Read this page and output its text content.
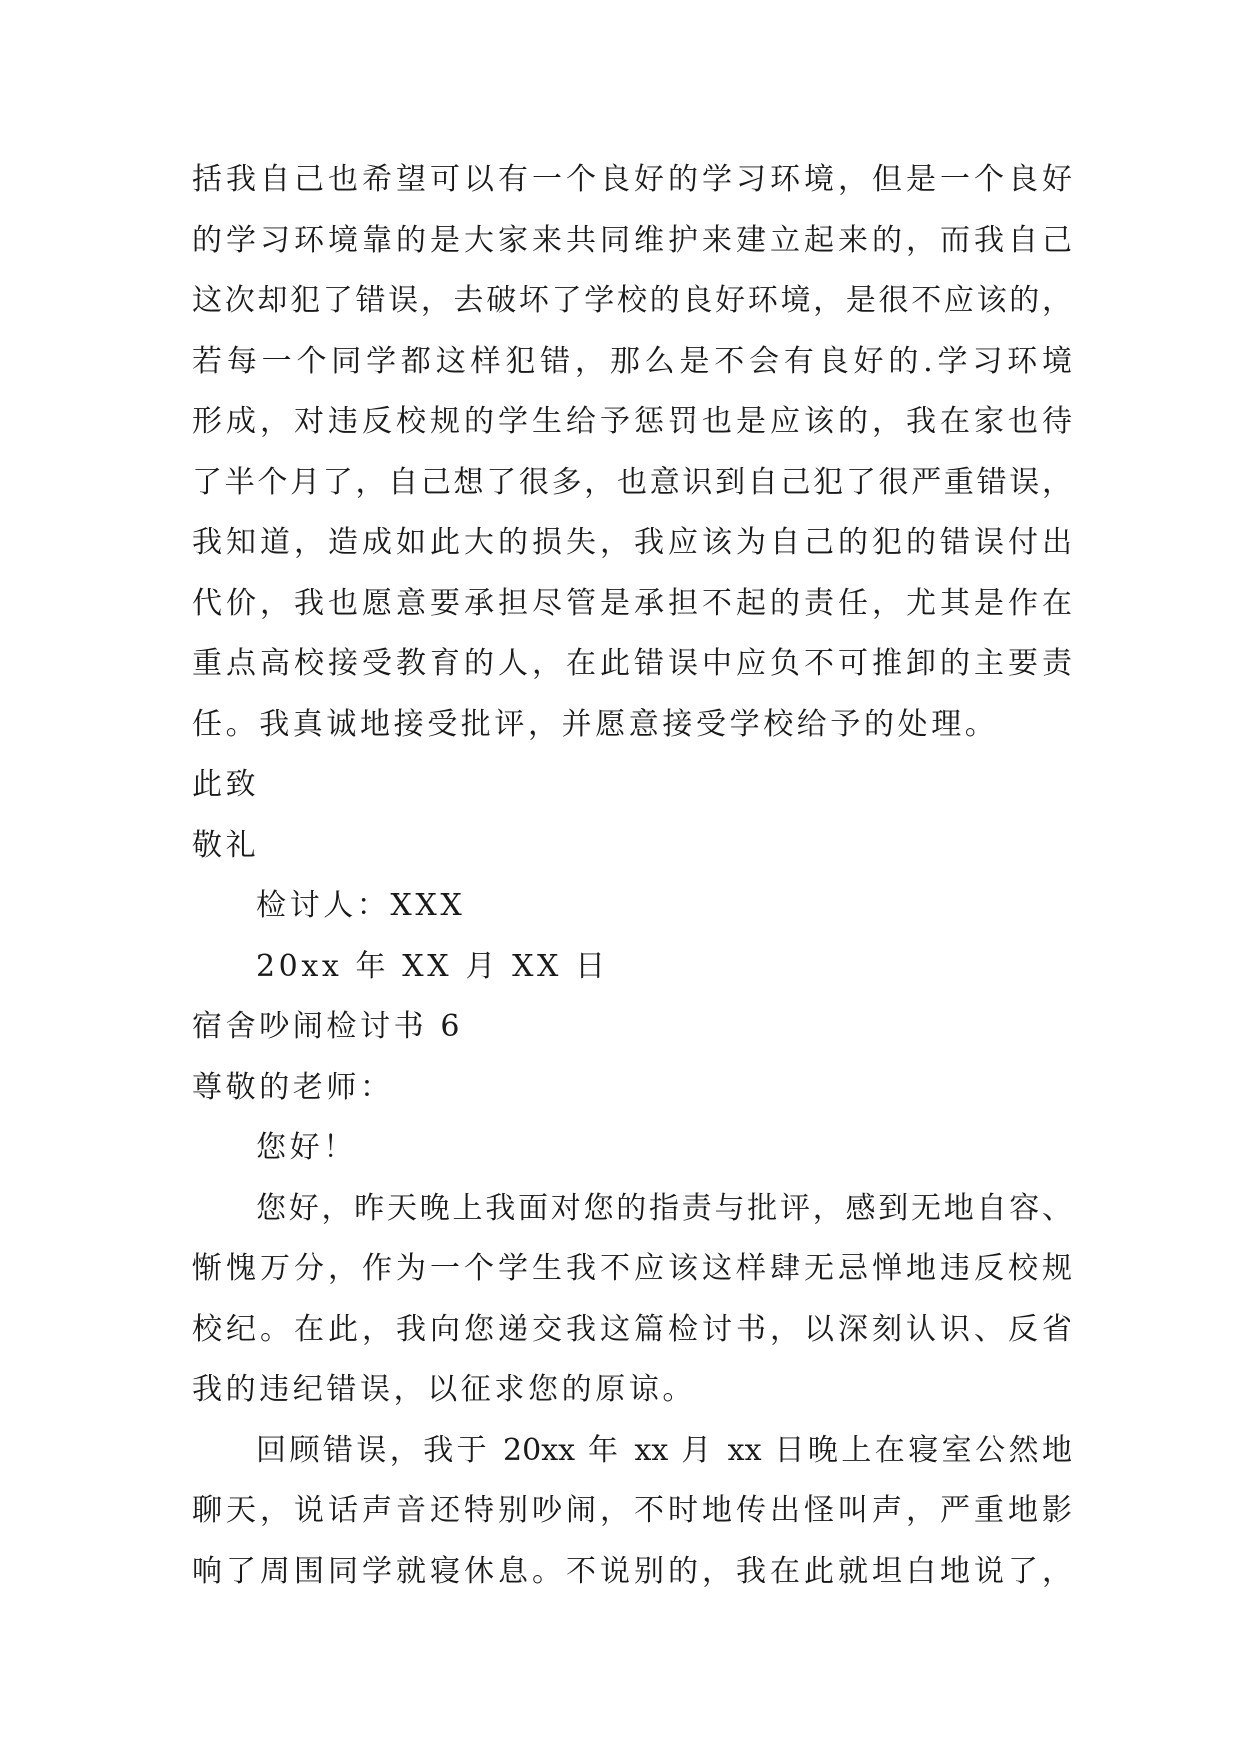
括我自己也希望可以有一个良好的学习环境，但是一个良好
的学习环境靠的是大家来共同维护来建立起来的，而我自己
这次却犯了错误，去破坏了学校的良好环境，是很不应该的，
若每一个同学都这样犯错，那么是不会有良好的.学习环境
形成，对违反校规的学生给予惩罚也是应该的，我在家也待
了半个月了，自己想了很多，也意识到自己犯了很严重错误，
我知道，造成如此大的损失，我应该为自己的犯的错误付出
代价，我也愿意要承担尽管是承担不起的责任，尤其是作在
重点高校接受教育的人，在此错误中应负不可推卸的主要责
任。我真诚地接受批评，并愿意接受学校给予的处理。
此致
敬礼
检讨人：XXX
20xx 年 XX 月 XX 日
宿舍吵闹检讨书 6
尊敬的老师：
您好！
您好，昨天晚上我面对您的指责与批评，感到无地自容、
惭愧万分，作为一个学生我不应该这样肆无忌惮地违反校规
校纪。在此，我向您递交我这篇检讨书，以深刻认识、反省
我的违纪错误，以征求您的原谅。
回顾错误，我于 20xx 年 xx 月 xx 日晚上在寝室公然地
聊天，说话声音还特别吵闹，不时地传出怪叫声，严重地影
响了周围同学就寝休息。不说别的，我在此就坦白地说了，
